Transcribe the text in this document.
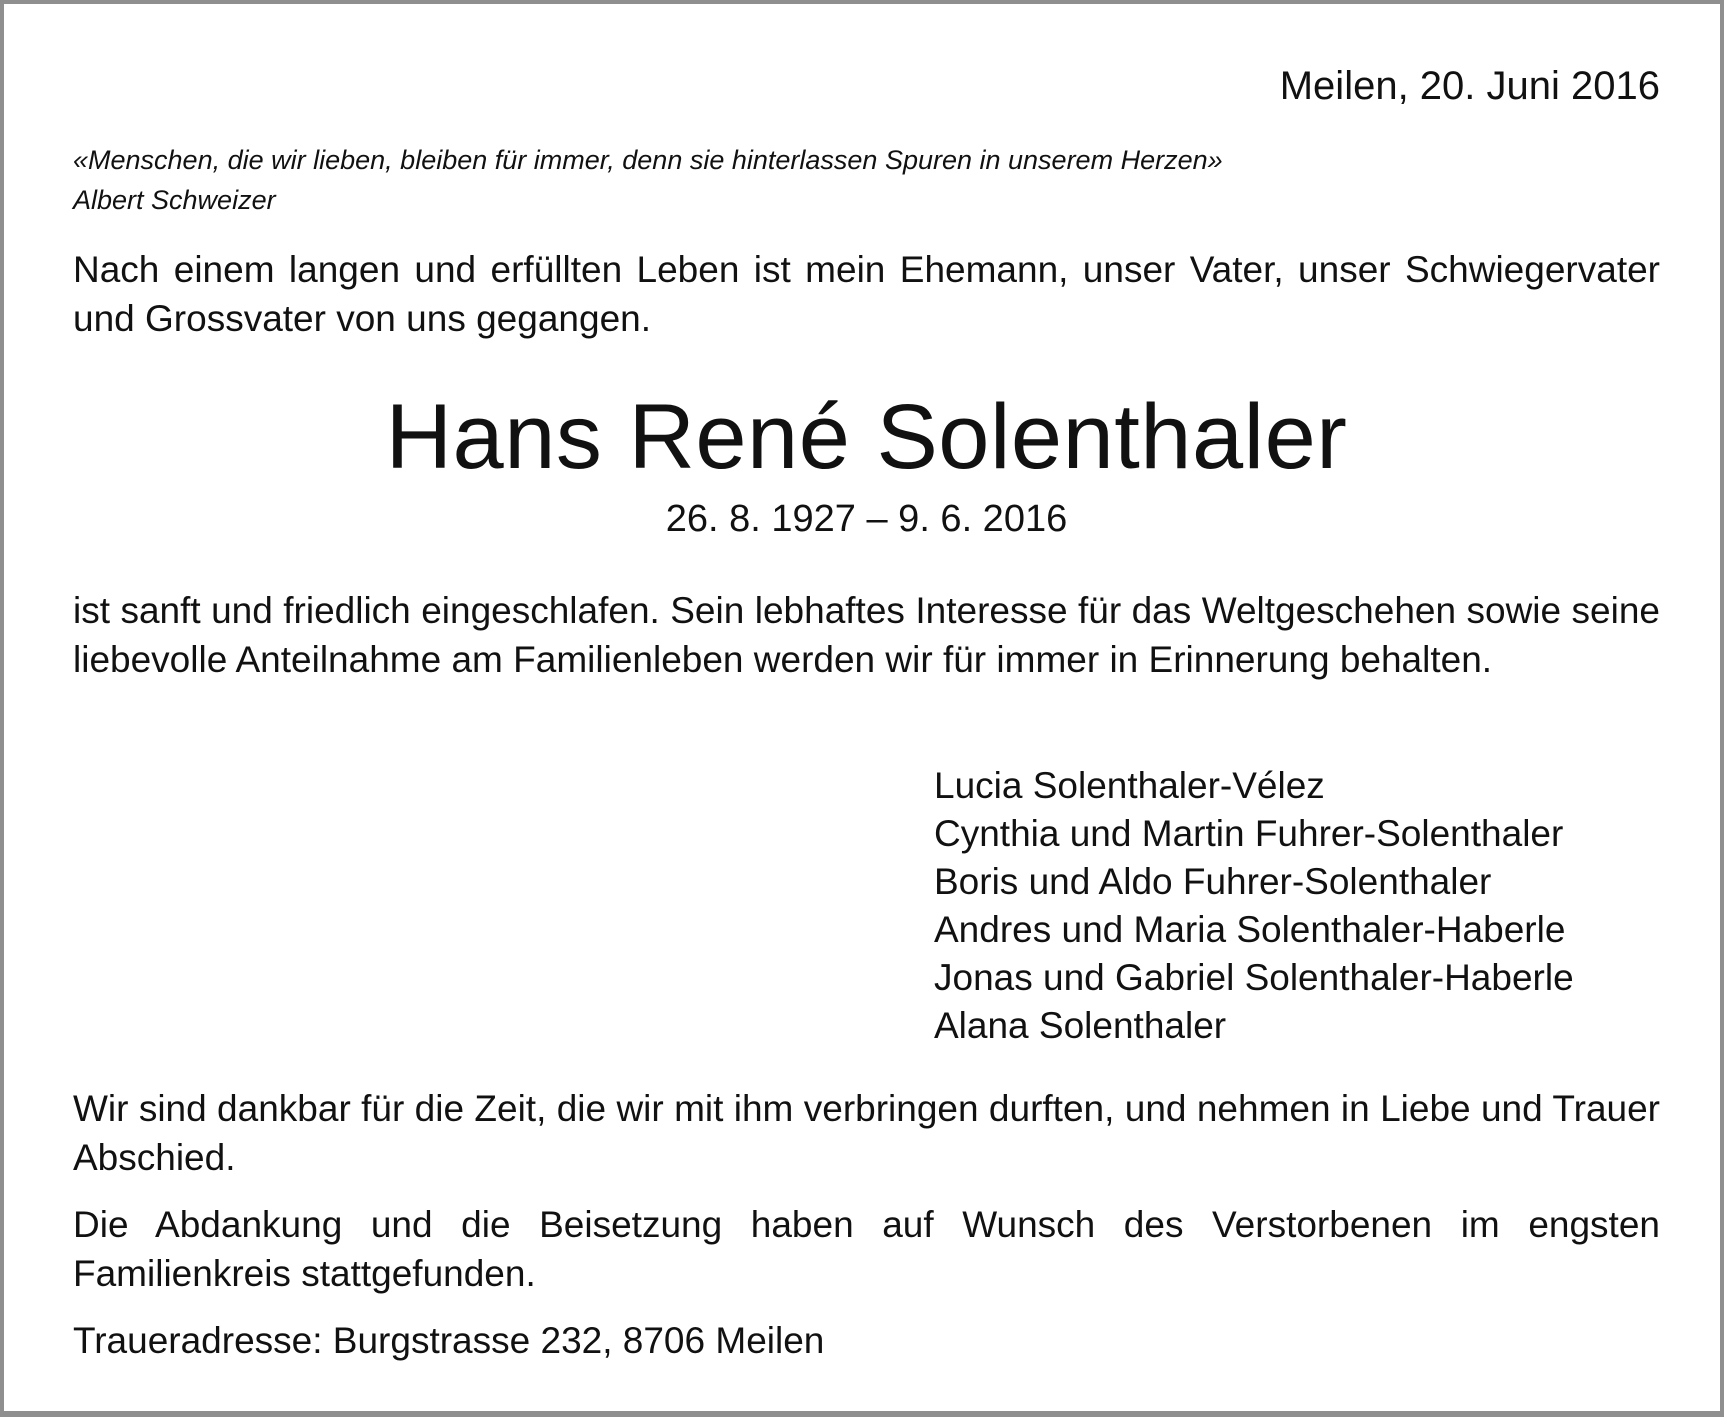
Meilen, 20. Juni 2016
«Menschen, die wir lieben, bleiben für immer, denn sie hinterlassen Spuren in unserem Herzen»
Albert Schweizer
Nach einem langen und erfüllten Leben ist mein Ehemann, unser Vater, unser Schwiegervater und Grossvater von uns gegangen.
Hans René Solenthaler
26. 8. 1927 – 9. 6. 2016
ist sanft und friedlich eingeschlafen. Sein lebhaftes Interesse für das Weltgeschehen sowie seine liebevolle Anteilnahme am Familienleben werden wir für immer in Erinnerung behalten.
Lucia Solenthaler-Vélez
Cynthia und Martin Fuhrer-Solenthaler
Boris und Aldo Fuhrer-Solenthaler
Andres und Maria Solenthaler-Haberle
Jonas und Gabriel Solenthaler-Haberle
Alana Solenthaler
Wir sind dankbar für die Zeit, die wir mit ihm verbringen durften, und nehmen in Liebe und Trauer Abschied.
Die Abdankung und die Beisetzung haben auf Wunsch des Verstorbenen im engsten Familienkreis stattgefunden.
Traueradresse: Burgstrasse 232, 8706 Meilen
